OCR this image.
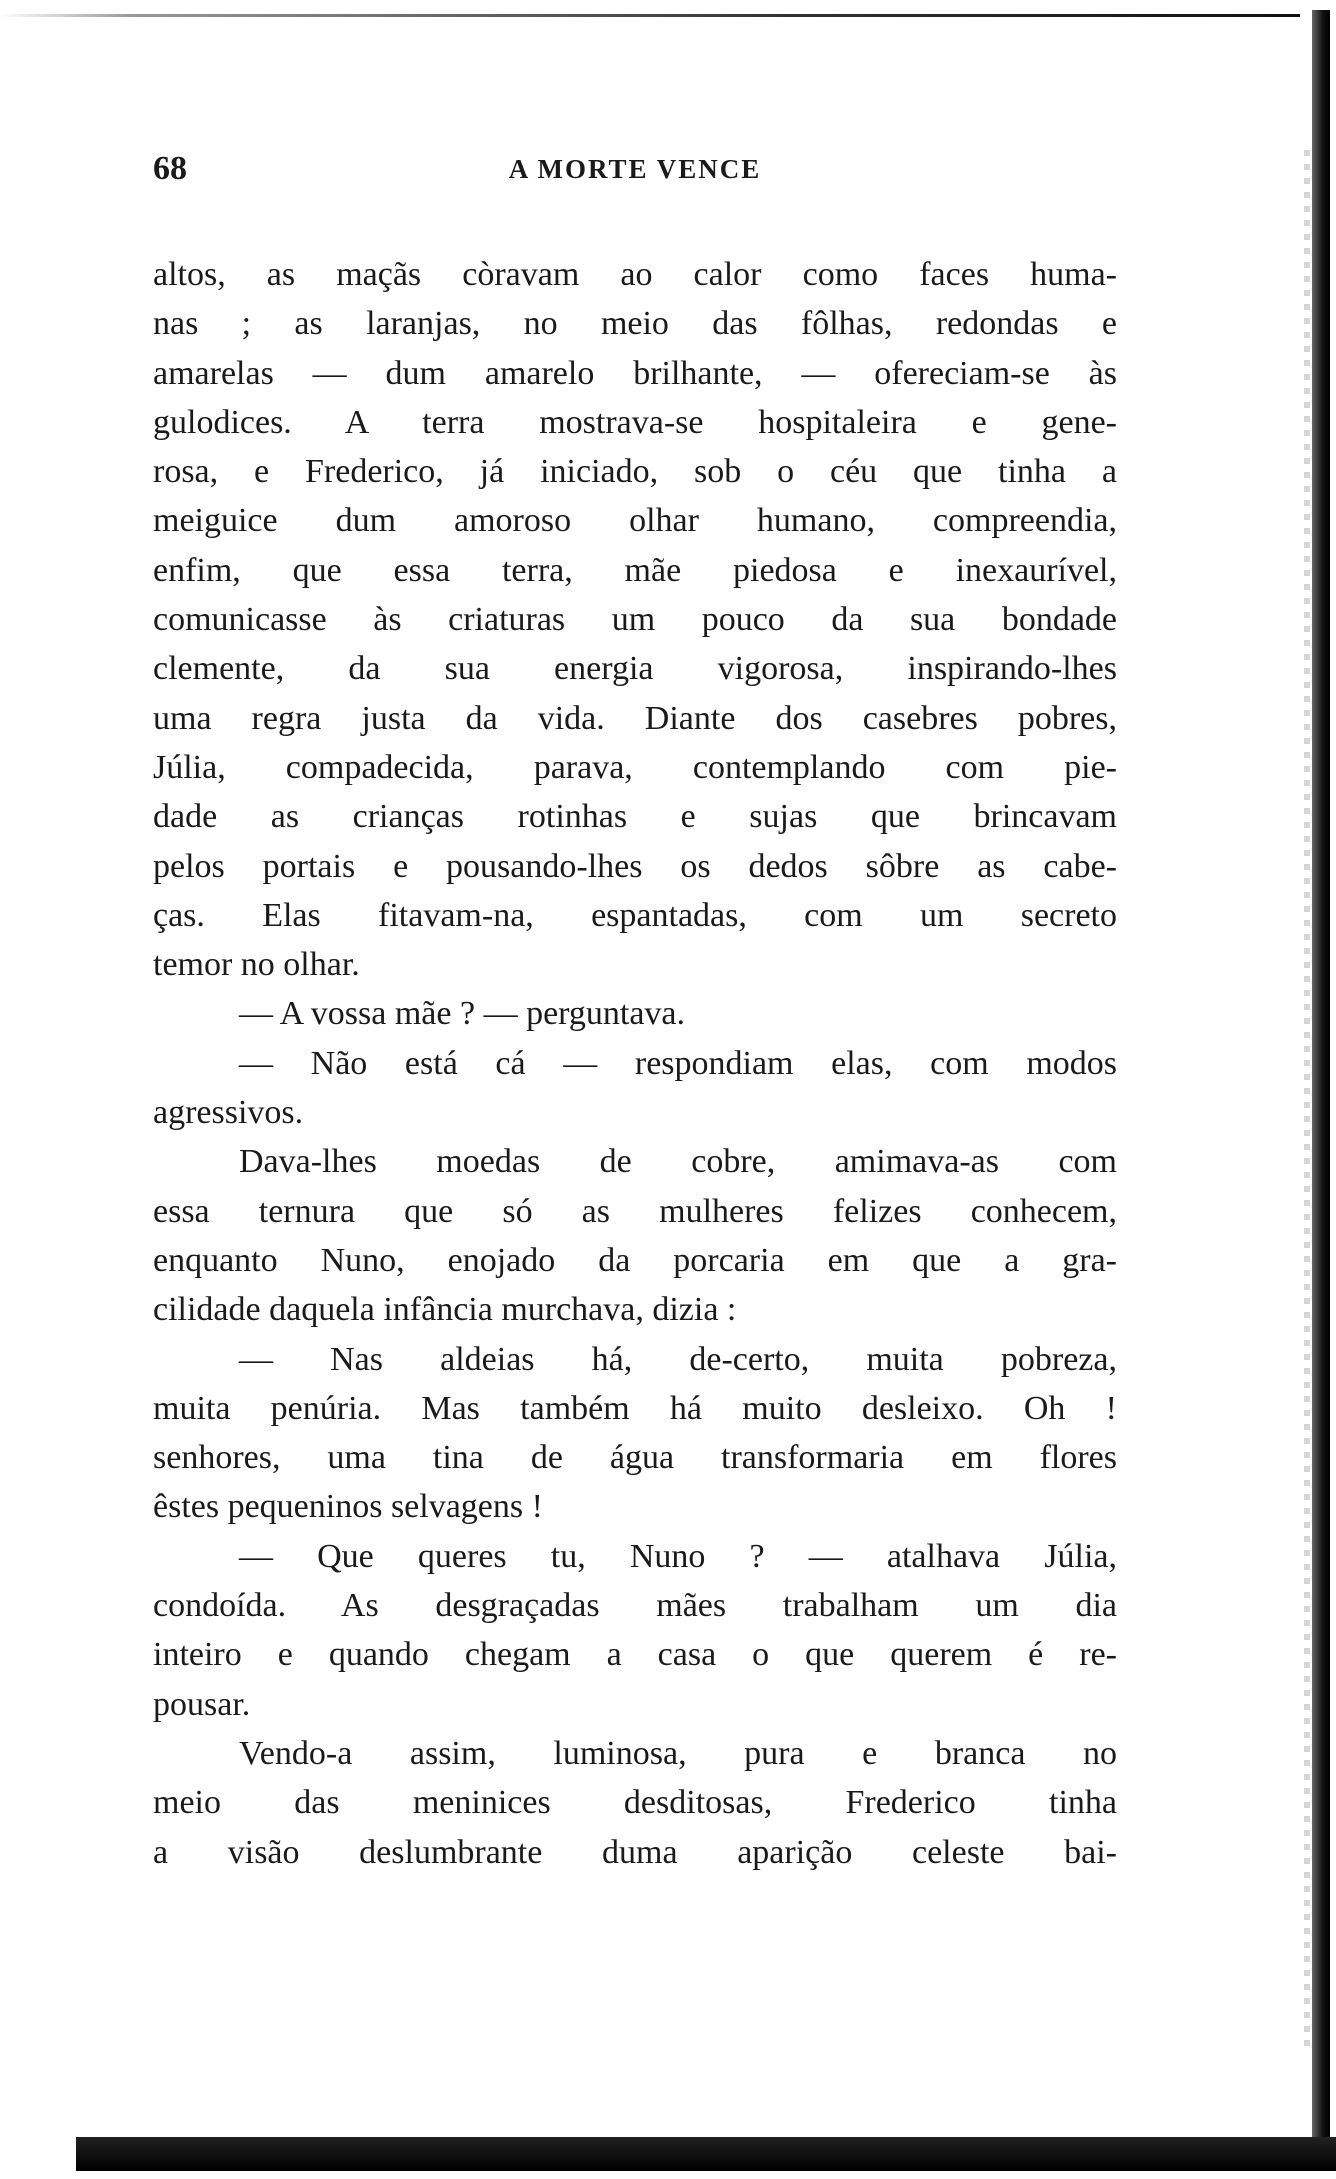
68	A MORTE VENCE
altos, as maçãs còravam ao calor como faces huma-
nas ; as laranjas, no meio das fôlhas, redondas e
amarelas — dum amarelo brilhante, — ofereciam-se às
gulodices. A terra mostrava-se hospitaleira e gene-
rosa, e Frederico, já iniciado, sob o céu que tinha a
meiguice dum amoroso olhar humano, compreendia,
enfim, que essa terra, mãe piedosa e inexaurível,
comunicasse às criaturas um pouco da sua bondade
clemente, da sua energia vigorosa, inspirando-lhes
uma regra justa da vida. Diante dos casebres pobres,
Júlia, compadecida, parava, contemplando com pie-
dade as crianças rotinhas e sujas que brincavam
pelos portais e pousando-lhes os dedos sôbre as cabe-
ças. Elas fitavam-na, espantadas, com um secreto
temor no olhar.
— A vossa mãe ? — perguntava.
— Não está cá — respondiam elas, com modos
agressivos.
Dava-lhes moedas de cobre, amimava-as com
essa ternura que só as mulheres felizes conhecem,
enquanto Nuno, enojado da porcaria em que a gra-
cilidade daquela infância murchava, dizia :
— Nas aldeias há, de-certo, muita pobreza,
muita penúria. Mas também há muito desleixo. Oh !
senhores, uma tina de água transformaria em flores
êstes pequeninos selvagens !
— Que queres tu, Nuno ? — atalhava Júlia,
condoída. As desgraçadas mães trabalham um dia
inteiro e quando chegam a casa o que querem é re-
pousar.
Vendo-a assim, luminosa, pura e branca no
meio das meninices desditosas, Frederico tinha
a visão deslumbrante duma aparição celeste bai-
